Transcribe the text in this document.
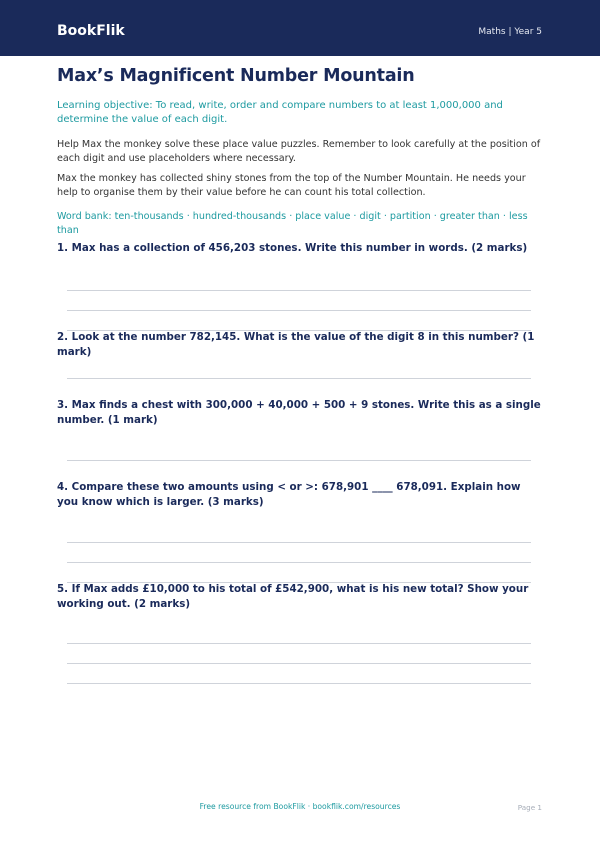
BookFlik	Maths | Year 5
Max’s Magnificent Number Mountain
Learning objective: To read, write, order and compare numbers to at least 1,000,000 and determine the value of each digit.
Help Max the monkey solve these place value puzzles. Remember to look carefully at the position of each digit and use placeholders where necessary.
Max the monkey has collected shiny stones from the top of the Number Mountain. He needs your help to organise them by their value before he can count his total collection.
Word bank: ten-thousands · hundred-thousands · place value · digit · partition · greater than · less than
1. Max has a collection of 456,203 stones. Write this number in words. (2 marks)
2. Look at the number 782,145. What is the value of the digit 8 in this number? (1 mark)
3. Max finds a chest with 300,000 + 40,000 + 500 + 9 stones. Write this as a single number. (1 mark)
4. Compare these two amounts using < or >: 678,901 ____ 678,091. Explain how you know which is larger. (3 marks)
5. If Max adds £10,000 to his total of £542,900, what is his new total? Show your working out. (2 marks)
Free resource from BookFlik · bookflik.com/resources	Page 1
